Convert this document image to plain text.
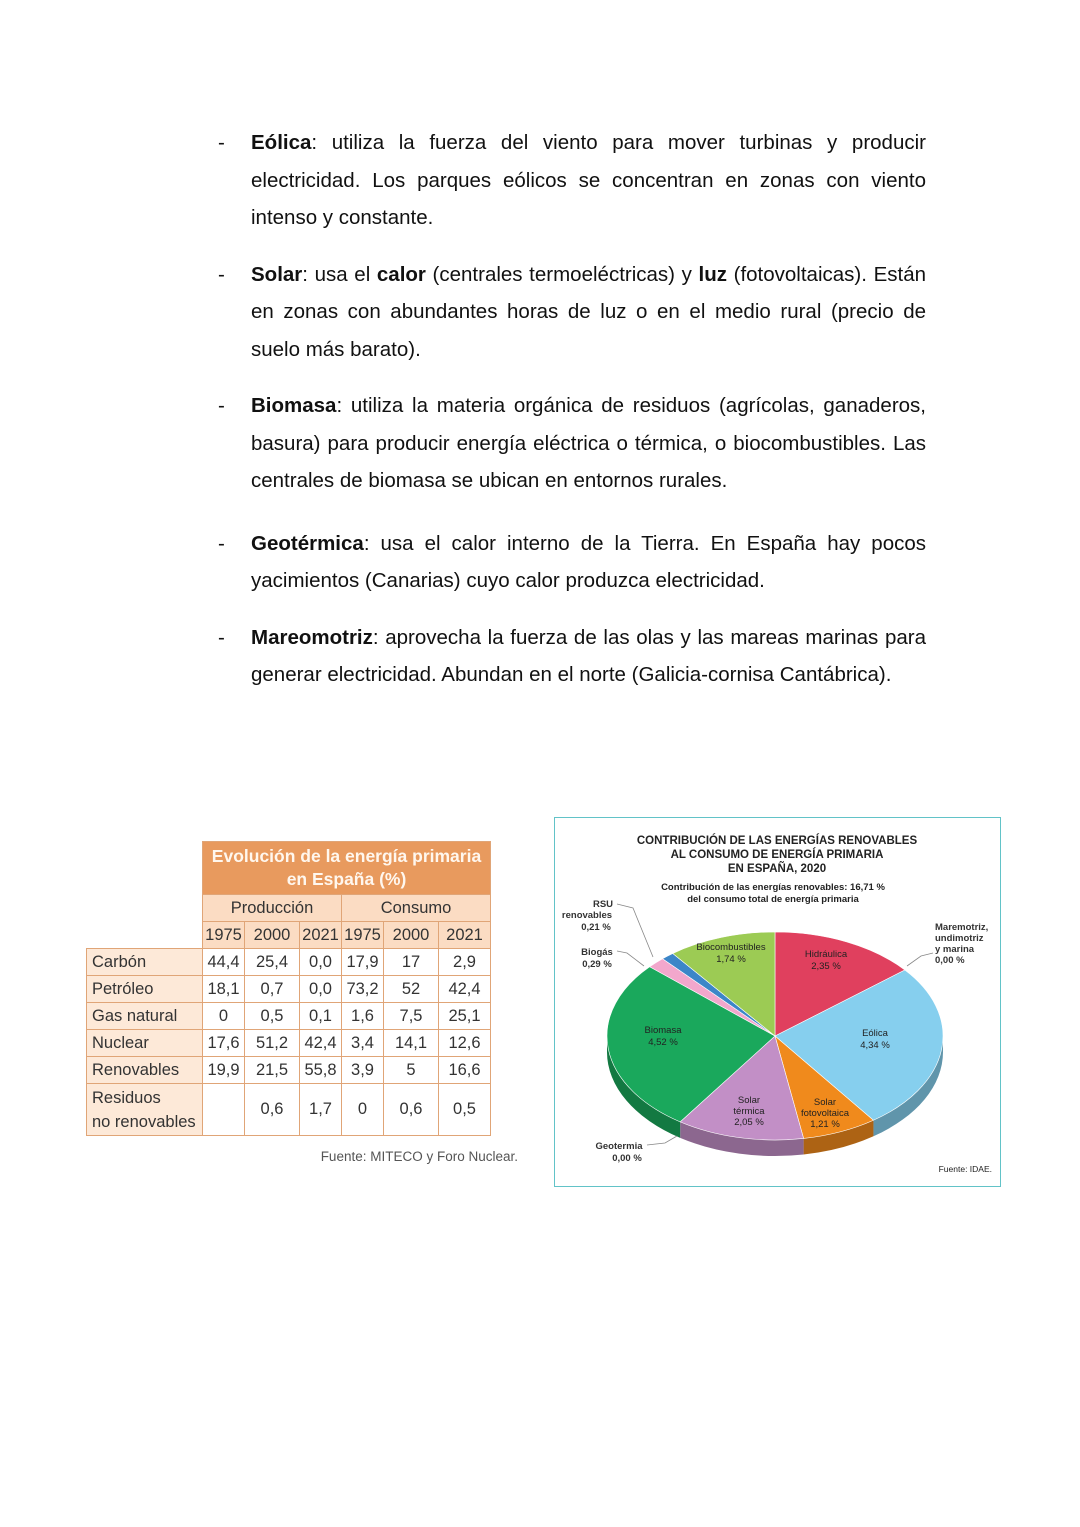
- Eólica: utiliza la fuerza del viento para mover turbinas y producir electricidad. Los parques eólicos se concentran en zonas con viento intenso y constante.
- Solar: usa el calor (centrales termoeléctricas) y luz (fotovoltaicas). Están en zonas con abundantes horas de luz o en el medio rural (precio de suelo más barato).
- Biomasa: utiliza la materia orgánica de residuos (agrícolas, ganaderos, basura) para producir energía eléctrica o térmica, o biocombustibles. Las centrales de biomasa se ubican en entornos rurales.
- Geotérmica: usa el calor interno de la Tierra. En España hay pocos yacimientos (Canarias) cuyo calor produzca electricidad.
- Mareomotriz: aprovecha la fuerza de las olas y las mareas marinas para generar electricidad. Abundan en el norte (Galicia-cornisa Cantábrica).

	Evolución de la energía primaria
en España (%)					

	Producción			Consumo		
	1975	2000	2021	1975	2000	2021
Carbón	44,4	25,4	0,0	17,9	17	2,9
Petróleo	18,1	0,7	0,0	73,2	52	42,4
Gas natural	0	0,5	0,1	1,6	7,5	25,1
Nuclear	17,6	51,2	42,4	3,4	14,1	12,6
Renovables	19,9	21,5	55,8	3,9	5	16,6

Residuos
no renovables		0,6	1,7	0	0,6	0,5
Fuente: MITECO y Foro Nuclear.
CONTRIBUCIÓN DE LAS ENERGÍAS RENOVABLES
AL CONSUMO DE ENERGÍA PRIMARIA
EN ESPAÑA, 2020
Contribución de las energías renovables: 16,71 %
del consumo total de energía primaria
Hidráulica
2,35 %
Maremotriz,
undimotriz
y marina
0,00 %
Eólica
4,34 %
Solar
fotovoltaica
1,21 %
Solar
térmica
2,05 %
Geotermia
0,00 %
Biomasa
4,52 %
Biogás
0,29 %
RSU
renovables
0,21 %
Biocombustibles
1,74 %
Fuente: IDAE.
